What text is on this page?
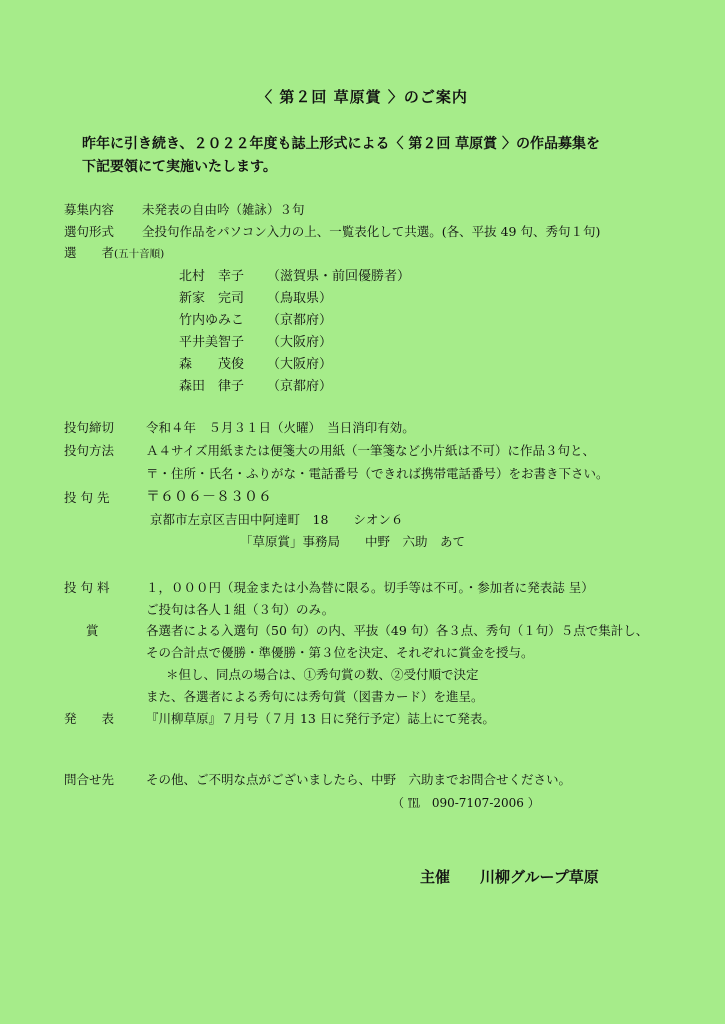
〈 第２回 草原賞 〉のご案内
昨年に引き続き、２０２２年度も誌上形式による〈 第２回 草原賞 〉の作品募集を
下記要領にて実施いたします。
募集内容 未発表の自由吟（雑詠）３句
選句形式 全投句作品をパソコン入力の上、一覧表化して共選。(各、平抜 49 句、秀句１句)
選　　者(五十音順)
北村　幸子 （滋賀県・前回優勝者）
新家　完司 （鳥取県）
竹内ゆみこ （京都府）
平井美智子 （大阪府）
森　　茂俊 （大阪府）
森田　律子 （京都府）
投句締切	令和４年　５月３１日（火曜）　当日消印有効。
投句方法	Ａ４サイズ用紙または便箋大の用紙（一筆箋など小片紙は不可）に作品３句と、
〒・住所・氏名・ふりがな・電話番号（できれば携帯電話番号）をお書き下さい。
投 句 先	〒６０６－８３０６
京都市左京区吉田中阿達町　18　　シオン６
「草原賞」事務局　　中野　六助　あて
投 句 料	１，０００円（現金または小為替に限る。切手等は不可。・参加者に発表誌 呈）
ご投句は各人１組（３句）のみ。
賞	各選者による入選句（50 句）の内、平抜（49 句）各３点、秀句（１句）５点で集計し、
その合計点で優勝・準優勝・第３位を決定、それぞれに賞金を授与。
＊但し、同点の場合は、①秀句賞の数、②受付順で決定
また、各選者による秀句には秀句賞（図書カード）を進呈。
発　　表	『川柳草原』７月号（７月 13 日に発行予定）誌上にて発表。
問合せ先	その他、ご不明な点がございましたら、中野　六助までお問合せください。
（ ℡　090-7107-2006 ）
主催　　川柳グループ草原
